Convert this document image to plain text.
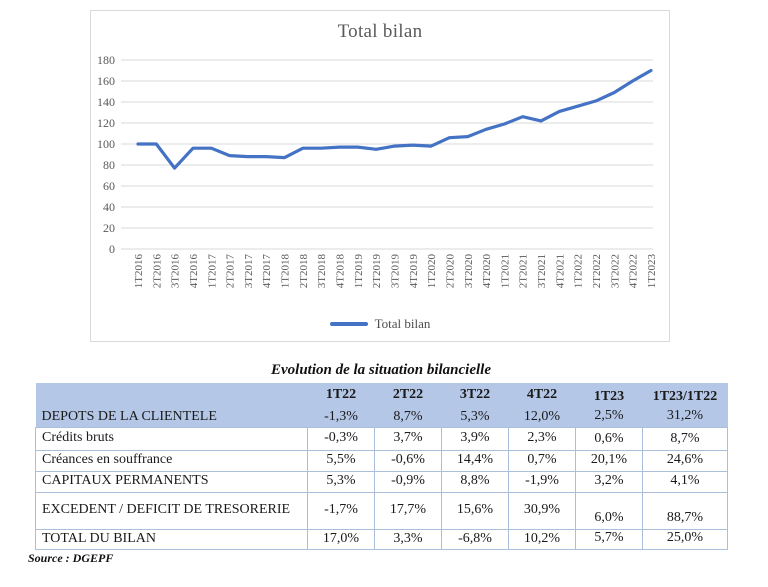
Total bilan
0
20
40
60
80
100
120
140
160
180
1T2016 2T2016 3T2016 4T2016 1T2017 2T2017 3T2017 4T2017 1T2018 2T2018 3T2018 4T2018 1T2019 2T2019 3T2019 4T2019 1T2020 2T2020 3T2020 4T2020 1T2021 2T2021 3T2021 4T2021 1T2022 2T2022 3T2022 4T2022 1T2023
Total bilan
Evolution de la situation bilancielle
	1T22	2T22	3T22	4T22	1T23	1T23/1T22
DEPOTS DE LA CLIENTELE	-1,3%	8,7%	5,3%	12,0%	2,5%	31,2%
Crédits bruts	-0,3%	3,7%	3,9%	2,3%	0,6%	8,7%
Créances en souffrance	5,5%	-0,6%	14,4%	0,7%	20,1%	24,6%
CAPITAUX PERMANENTS	5,3%	-0,9%	8,8%	-1,9%	3,2%	4,1%
EXCEDENT / DEFICIT DE TRESORERIE	-1,7%	17,7%	15,6%	30,9%	6,0%	88,7%
TOTAL DU BILAN	17,0%	3,3%	-6,8%	10,2%	5,7%	25,0%
Source : DGEPF
